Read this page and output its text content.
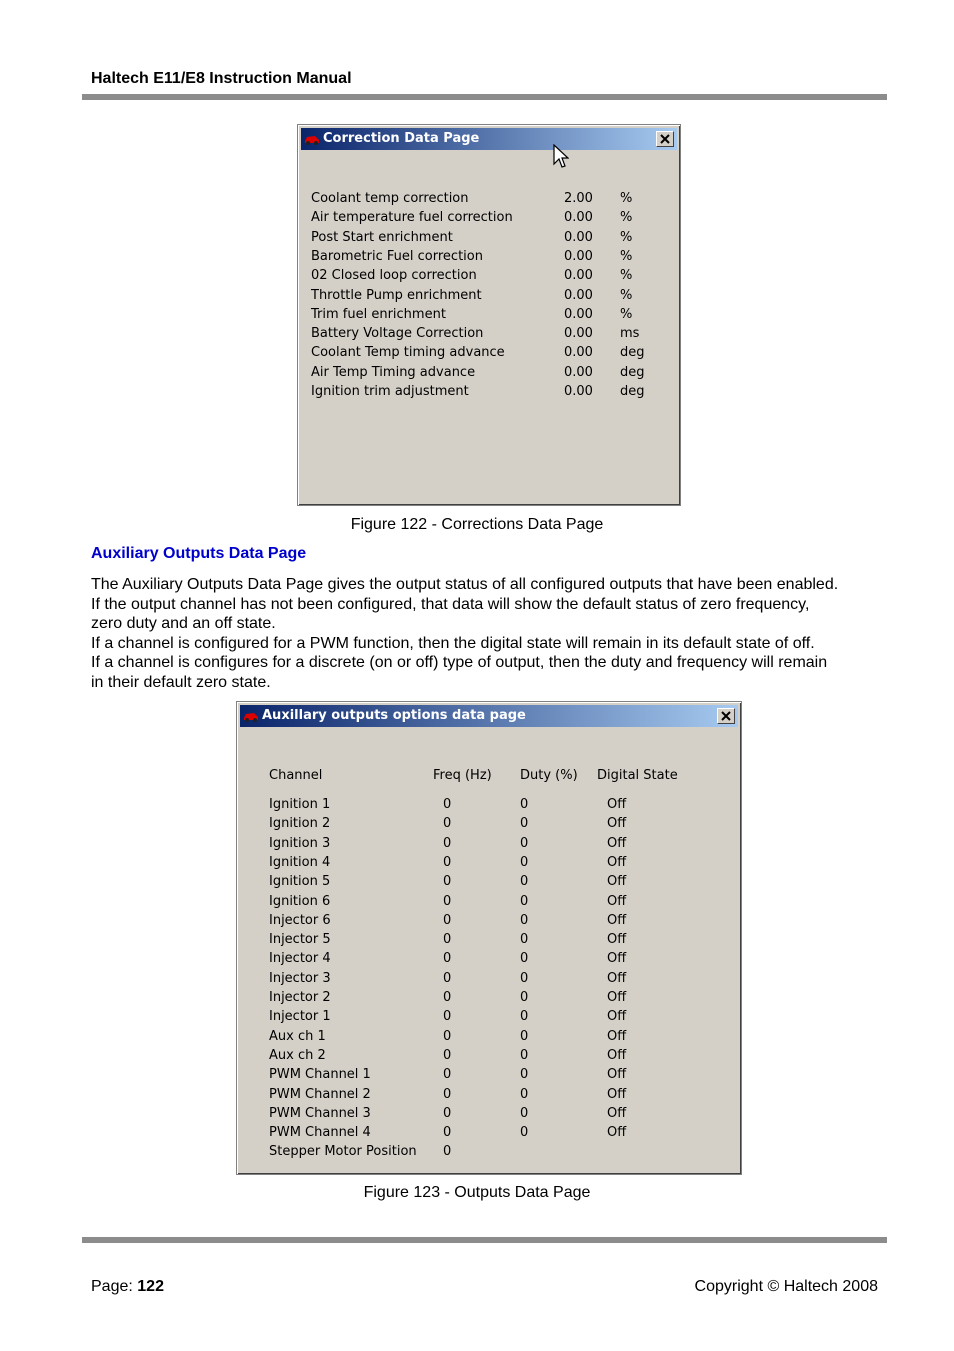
Haltech E11/E8 Instruction Manual
Correction Data Page
Coolant temp correction	2.00 %
Air temperature fuel correction	0.00 %
Post Start enrichment	0.00 %
Barometric Fuel correction	0.00 %
02 Closed loop correction	0.00 %
Throttle Pump enrichment	0.00 %
Trim fuel enrichment	0.00 %
Battery Voltage Correction	0.00 ms
Coolant Temp timing advance	0.00 deg
Air Temp Timing advance	0.00 deg
Ignition trim adjustment	0.00 deg
Figure 122 - Corrections Data Page
Auxiliary Outputs Data Page
The Auxiliary Outputs Data Page gives the output status of all configured outputs that have been enabled.
If the output channel has not been configured, that data will show the default status of zero frequency,
zero duty and an off state.
If a channel is configured for a PWM function, then the digital state will remain in its default state of off.
If a channel is configures for a discrete (on or off) type of output, then the duty and frequency will remain
in their default zero state.
Auxillary outputs options data page
Channel	Freq (Hz) Duty (%) Digital State
Ignition 1	0	0	Off
Ignition 2	0	0	Off
Ignition 3	0	0	Off
Ignition 4	0	0	Off
Ignition 5	0	0	Off
Ignition 6	0	0	Off
Injector 6	0	0	Off
Injector 5	0	0	Off
Injector 4	0	0	Off
Injector 3	0	0	Off
Injector 2	0	0	Off
Injector 1	0	0	Off
Aux ch 1	0	0	Off
Aux ch 2	0	0	Off
PWM Channel 1	0	0	Off
PWM Channel 2	0	0	Off
PWM Channel 3	0	0	Off
PWM Channel 4	0	0	Off
Stepper Motor Position 0
Figure 123 - Outputs Data Page
Page: 122	Copyright © Haltech 2008
